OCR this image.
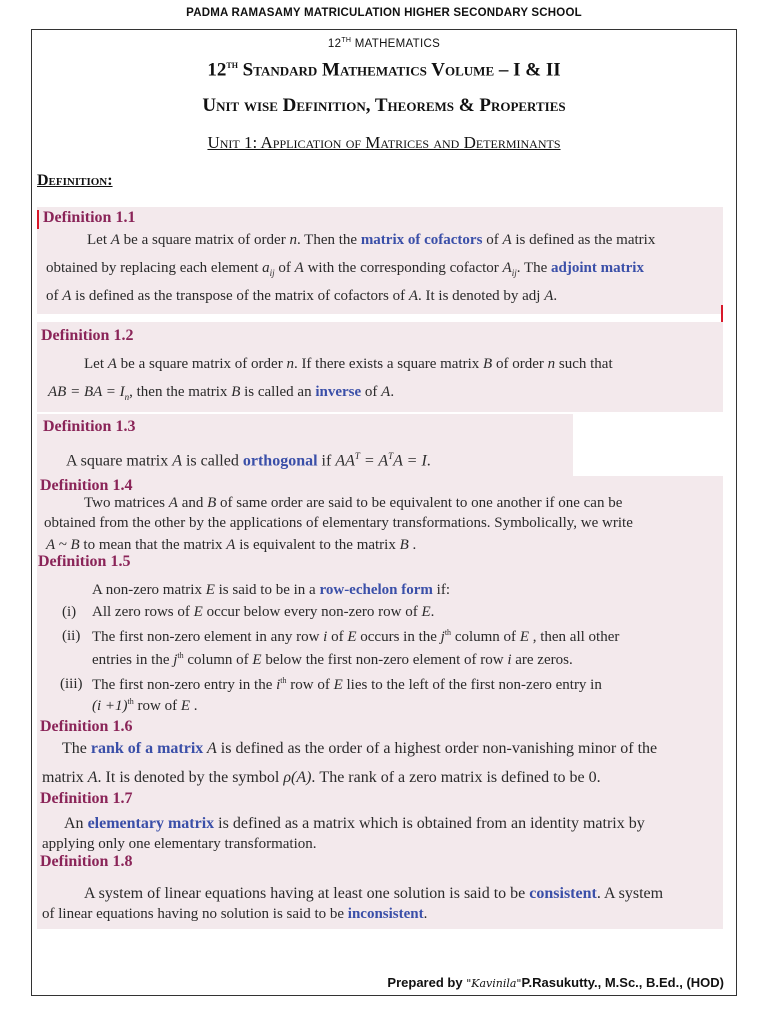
PADMA RAMASAMY MATRICULATION HIGHER SECONDARY SCHOOL
12TH MATHEMATICS
12th Standard Mathematics Volume – I & II
Unit wise Definition, Theorems & Properties
Unit 1: Application of Matrices and Determinants
Definition:
Definition 1.1
Let A be a square matrix of order n. Then the matrix of cofactors of A is defined as the matrix
obtained by replacing each element $a_{ij}$ of A with the corresponding cofactor $A_{ij}$. The adjoint matrix
of A is defined as the transpose of the matrix of cofactors of A. It is denoted by adj A.
Definition 1.2
Let A be a square matrix of order n. If there exists a square matrix B of order n such that
AB = BA = $I_n$, then the matrix B is called an inverse of A.
Definition 1.3
A square matrix A is called orthogonal if $AA^T = A^TA = I$.
Definition 1.4
Two matrices A and B of same order are said to be equivalent to one another if one can be
obtained from the other by the applications of elementary transformations. Symbolically, we write
A ~ B to mean that the matrix A is equivalent to the matrix B .
Definition 1.5
A non-zero matrix E is said to be in a row-echelon form if:
(i) All zero rows of E occur below every non-zero row of E.
(ii) The first non-zero element in any row i of E occurs in the $j^{th}$ column of E , then all other
entries in the $j^{th}$ column of E below the first non-zero element of row i are zeros.
(iii) The first non-zero entry in the $i^{th}$ row of E lies to the left of the first non-zero entry in
$(i +1)^{th}$ row of E .
Definition 1.6
The rank of a matrix A is defined as the order of a highest order non-vanishing minor of the
matrix A. It is denoted by the symbol ρ(A). The rank of a zero matrix is defined to be 0.
Definition 1.7
An elementary matrix is defined as a matrix which is obtained from an identity matrix by
applying only one elementary transformation.
Definition 1.8
A system of linear equations having at least one solution is said to be consistent. A system
of linear equations having no solution is said to be inconsistent.
Prepared by "Kavinila"P.Rasukutty., M.Sc., B.Ed., (HOD)
